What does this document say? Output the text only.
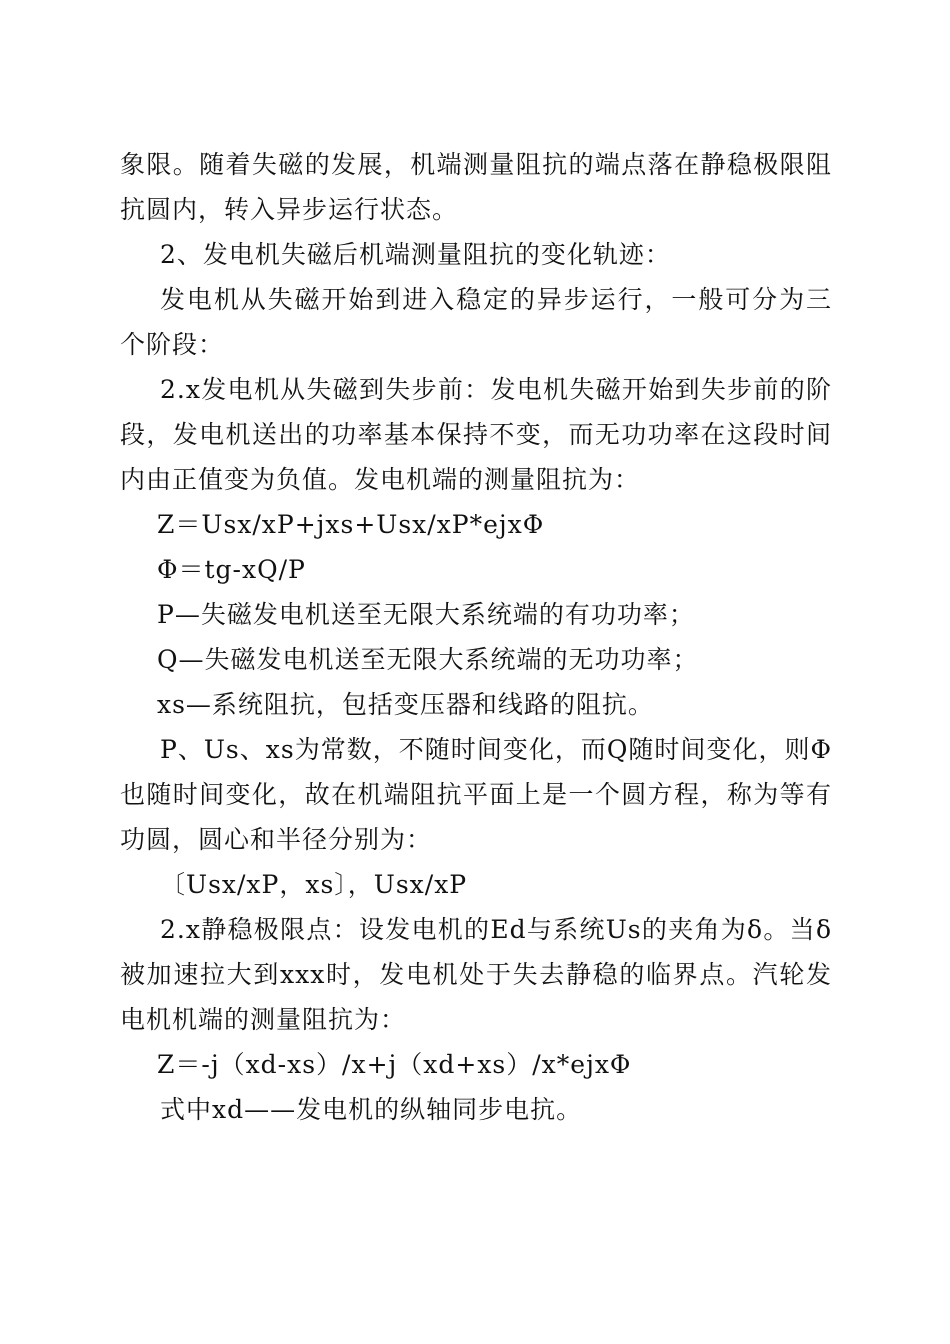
象限。随着失磁的发展，机端测量阻抗的端点落在静稳极限阻抗圆内，转入异步运行状态。

2、发电机失磁后机端测量阻抗的变化轨迹：

发电机从失磁开始到进入稳定的异步运行，一般可分为三个阶段：

2.x发电机从失磁到失步前：发电机失磁开始到失步前的阶段，发电机送出的功率基本保持不变，而无功功率在这段时间内由正值变为负值。发电机端的测量阻抗为：

Z＝Usx/xP+jxs+Usx/xP*ejxΦ

Φ＝tg-xQ/P

P—失磁发电机送至无限大系统端的有功功率；

Q—失磁发电机送至无限大系统端的无功功率；

xs—系统阻抗，包括变压器和线路的阻抗。

P、Us、xs为常数，不随时间变化，而Q随时间变化，则Φ也随时间变化，故在机端阻抗平面上是一个圆方程，称为等有功圆，圆心和半径分别为：

〔Usx/xP，xs〕，Usx/xP

2.x静稳极限点：设发电机的Ed与系统Us的夹角为δ。当δ被加速拉大到xxx时，发电机处于失去静稳的临界点。汽轮发电机机端的测量阻抗为：

Z＝-j（xd-xs）/x+j（xd+xs）/x*ejxΦ

式中xd——发电机的纵轴同步电抗。
